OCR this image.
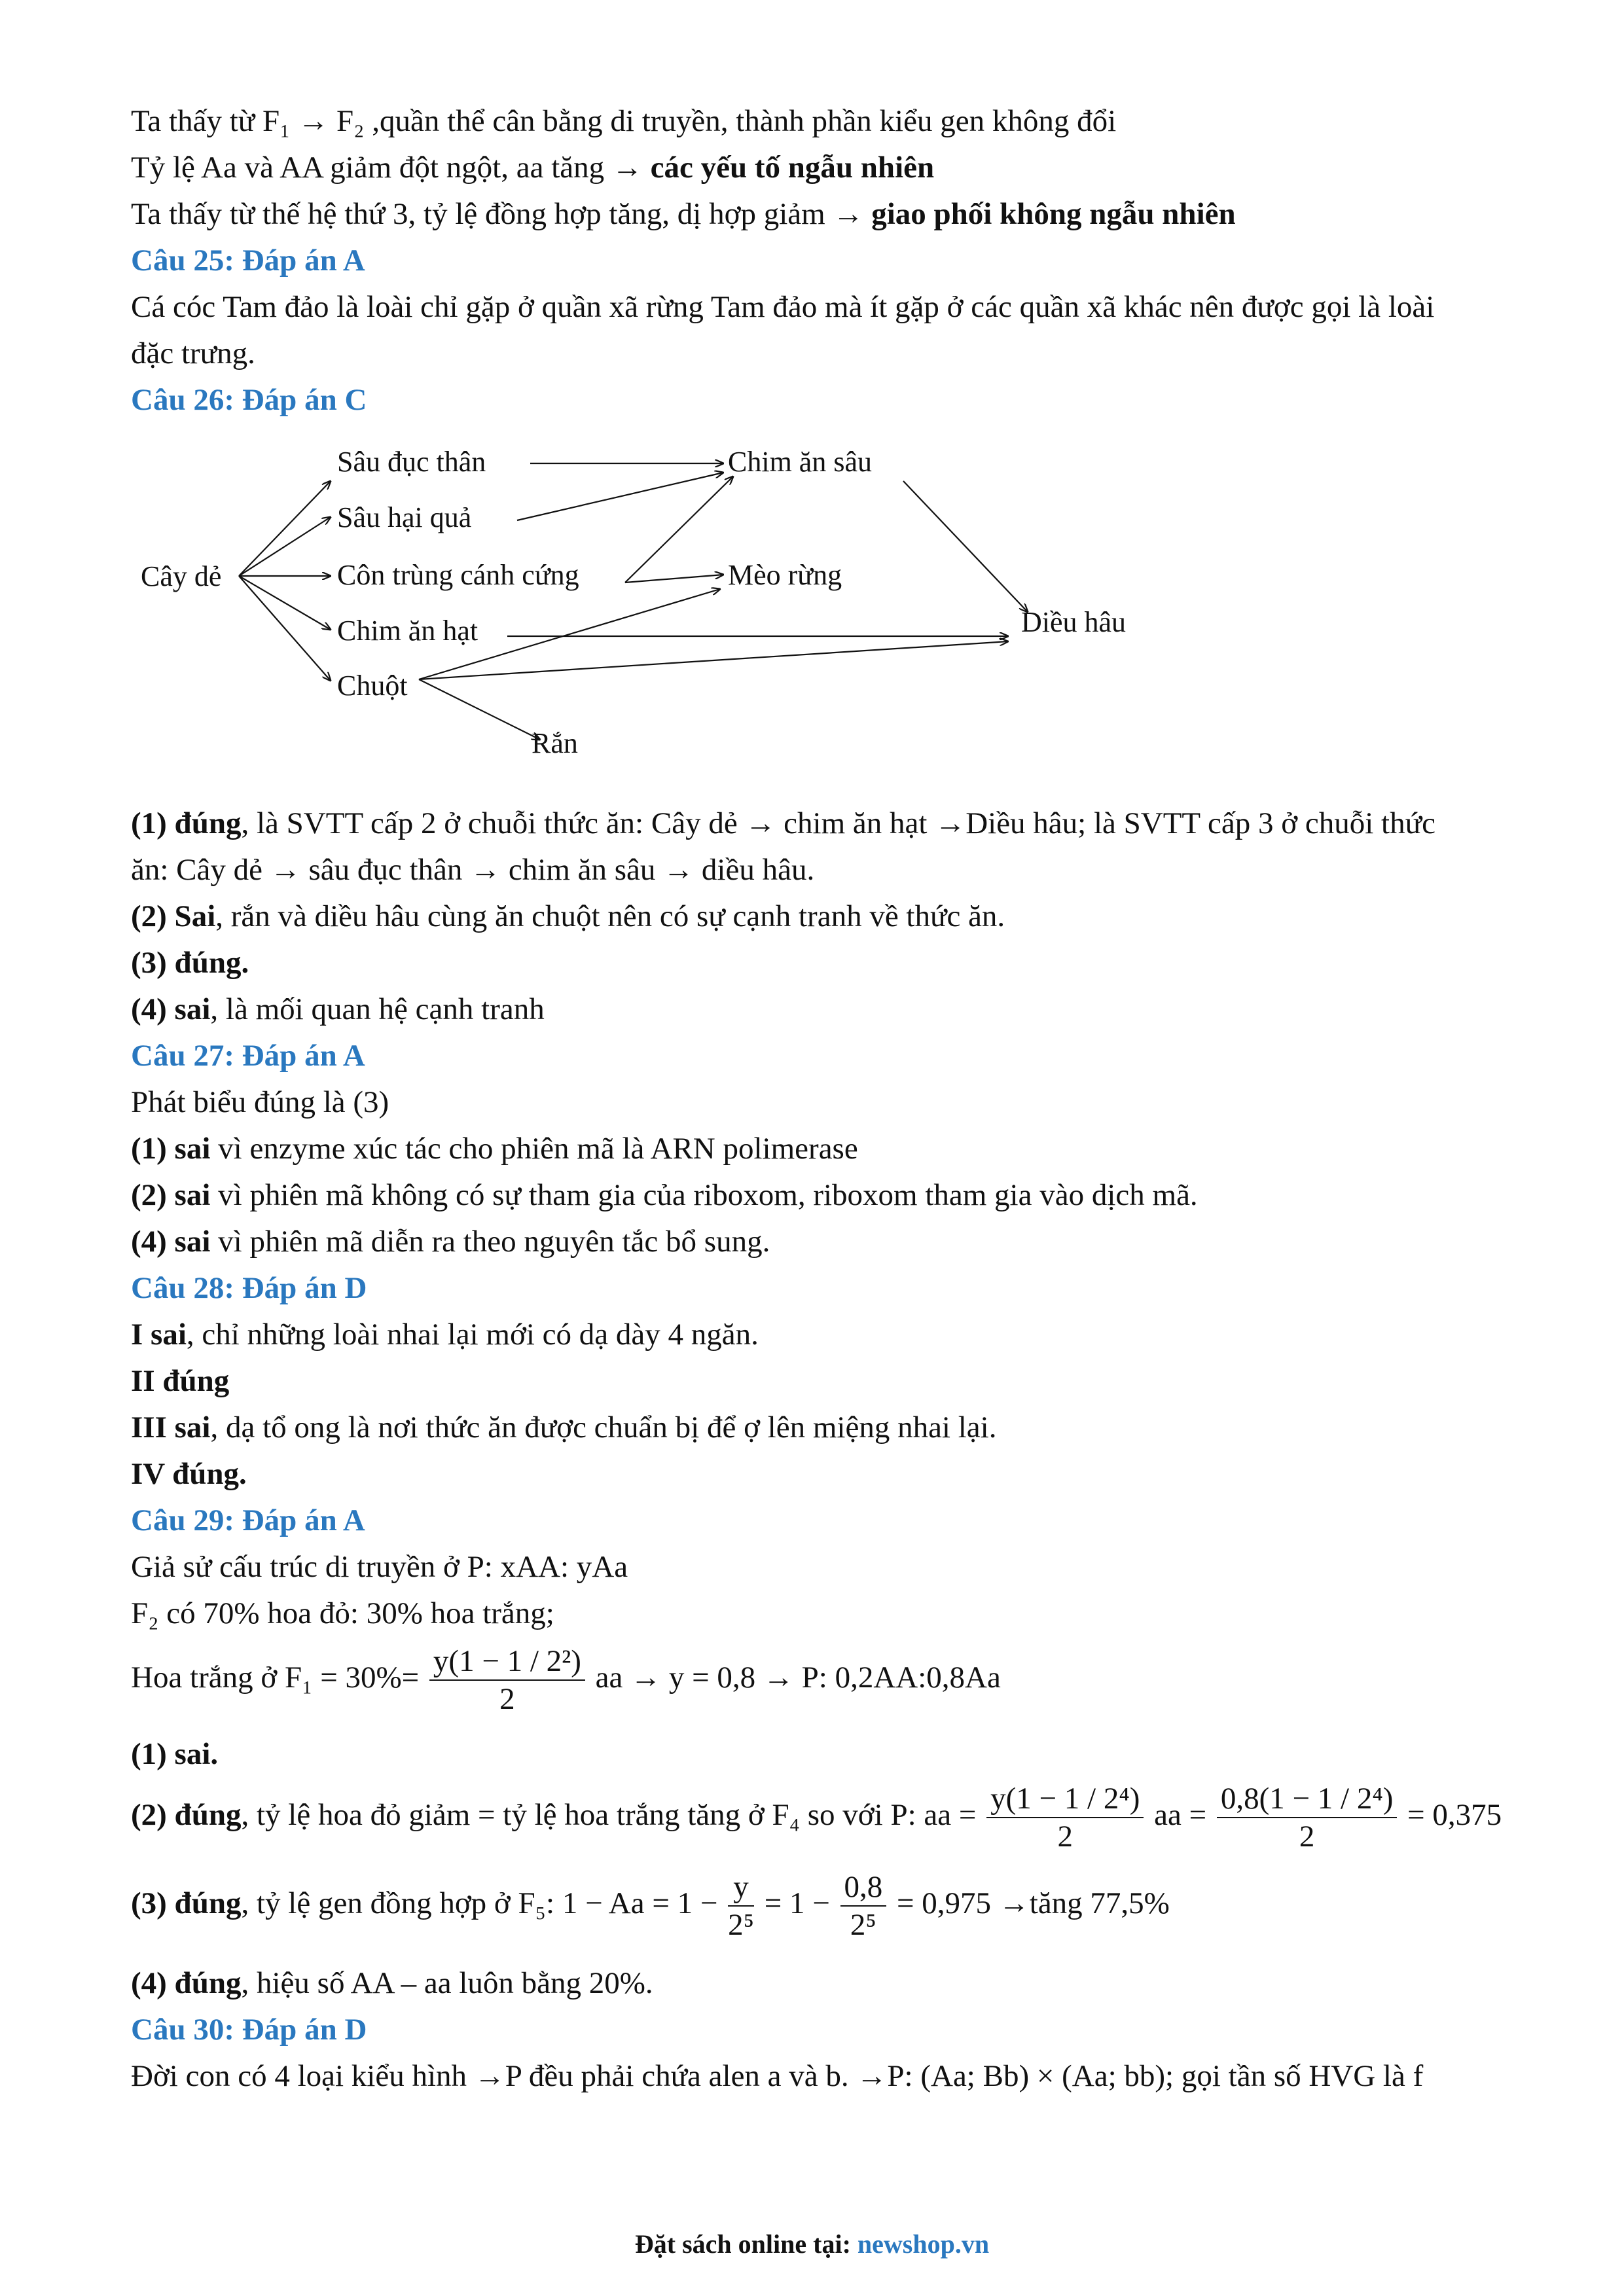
Ta thấy từ F₁ → F₂ ,quần thể cân bằng di truyền, thành phần kiểu gen không đổi
Tỷ lệ Aa và AA giảm đột ngột, aa tăng → các yếu tố ngẫu nhiên
Ta thấy từ thế hệ thứ 3, tỷ lệ đồng hợp tăng, dị hợp giảm → giao phối không ngẫu nhiên
Câu 25: Đáp án A
Cá cóc Tam đảo là loài chỉ gặp ở quần xã rừng Tam đảo mà ít gặp ở các quần xã khác nên được gọi là loài
đặc trưng.
Câu 26: Đáp án C
Cây dẻ
Sâu đục thân
Sâu hại quả
Côn trùng cánh cứng
Chim ăn hạt
Chuột
Chim ăn sâu
Mèo rừng
Diều hâu
Rắn
(1) đúng, là SVTT cấp 2 ở chuỗi thức ăn: Cây dẻ → chim ăn hạt →Diều hâu; là SVTT cấp 3 ở chuỗi thức
ăn: Cây dẻ → sâu đục thân → chim ăn sâu → diều hâu.
(2) Sai, rắn và diều hâu cùng ăn chuột nên có sự cạnh tranh về thức ăn.
(3) đúng.
(4) sai, là mối quan hệ cạnh tranh
Câu 27: Đáp án A
Phát biểu đúng là (3)
(1) sai vì enzyme xúc tác cho phiên mã là ARN polimerase
(2) sai vì phiên mã không có sự tham gia của riboxom, riboxom tham gia vào dịch mã.
(4) sai vì phiên mã diễn ra theo nguyên tắc bổ sung.
Câu 28: Đáp án D
I sai, chỉ những loài nhai lại mới có dạ dày 4 ngăn.
II đúng
III sai, dạ tổ ong là nơi thức ăn được chuẩn bị để ợ lên miệng nhai lại.
IV đúng.
Câu 29: Đáp án A
Giả sử cấu trúc di truyền ở P: xAA: yAa
F₂ có 70% hoa đỏ: 30% hoa trắng;
Hoa trắng ở $F_1 = 30\%= \frac{\text{y(1 − 1 / 2²)}}{2}$ aa → y = 0,8 → P: 0,2AA:0,8Aa
(1) sai.
(2) đúng, tỷ lệ hoa đỏ giảm = tỷ lệ hoa trắng tăng ở F₄ so với P: aa = $\frac{\text{y(1 − 1 / 2⁴)}}{2}$ aa = $\frac{\text{0,8(1 − 1 / 2⁴)}}{2} = 0,375$
(3) đúng, tỷ lệ gen đồng hợp ở F₅: $1 - Aa = 1 - \frac{y}{\text{2⁵}} = 1 - \frac{0,8}{\text{2⁵}} = 0,975$ →tăng 77,5%
(4) đúng, hiệu số AA – aa luôn bằng 20%.
Câu 30: Đáp án D
Đời con có 4 loại kiểu hình →P đều phải chứa alen a và b. →P: (Aa; Bb) × (Aa; bb); gọi tần số HVG là f
Đặt sách online tại: newshop.vn
